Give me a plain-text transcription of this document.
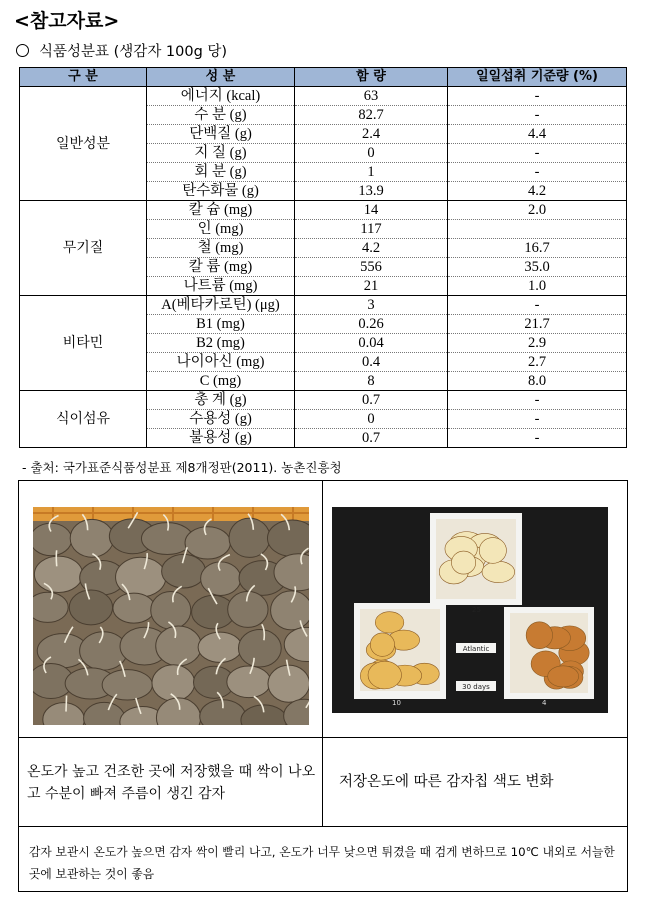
<참고자료>
식품성분표 (생감자 100g 당)
구 분	성 분	함 량	일일섭취 기준량 (%)
일반성분	에너지 (kcal)	63	-
	수 분 (g)	82.7	-
	단백질 (g)	2.4	4.4
	지 질 (g)	0	-
	회 분 (g)	1	-
	탄수화물 (g)	13.9	4.2
무기질	칼 슘 (mg)	14	2.0
	인 (mg)	117	
	철 (mg)	4.2	16.7
	칼 륨 (mg)	556	35.0
	나트륨 (mg)	21	1.0
비타민	A(베타카로틴) (μg)	3	-
	B1 (mg)	0.26	21.7
	B2 (mg)	0.04	2.9
	나이아신 (mg)	0.4	2.7
	C (mg)	8	8.0
식이섬유	총 계 (g)	0.7	-
	수용성 (g)	0	-
	불용성 (g)	0.7	-
- 출처: 국가표준식품성분표 제8개정판(2011). 농촌진흥청
Atlantic
30 days
25
10	4
온도가 높고 건조한 곳에 저장했을 때 싹이 나오고 수분이 빠져 주름이 생긴 감자
저장온도에 따른 감자칩 색도 변화
감자 보관시 온도가 높으면 감자 싹이 빨리 나고, 온도가 너무 낮으면 튀겼을 때 검게 변하므로 10℃ 내외로 서늘한 곳에 보관하는 것이 좋음
